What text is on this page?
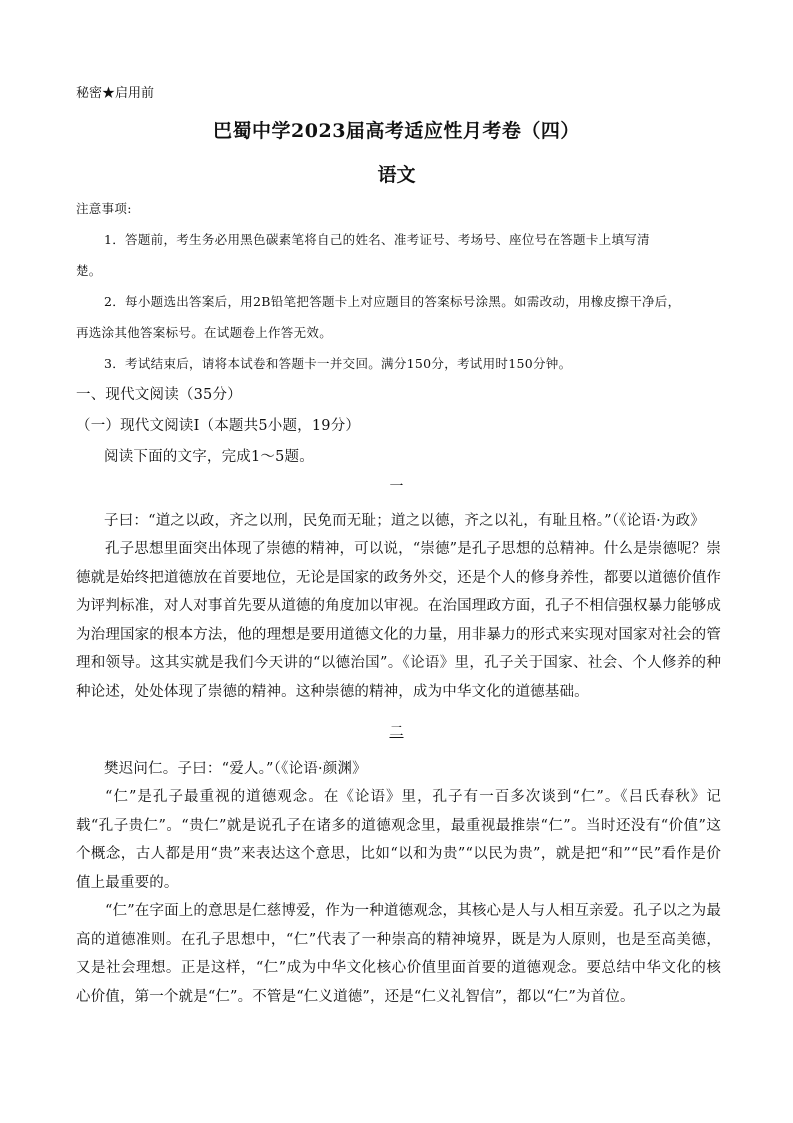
秘密★启用前
巴蜀中学2023届高考适应性月考卷（四）
语文
注意事项:
1．答题前，考生务必用黑色碳素笔将自己的姓名、准考证号、考场号、座位号在答题卡上填写清
楚。
2．每小题选出答案后，用2B铅笔把答题卡上对应题目的答案标号涂黑。如需改动，用橡皮擦干净后，
再选涂其他答案标号。在试题卷上作答无效。
3．考试结束后，请将本试卷和答题卡一并交回。满分150分，考试用时150分钟。
一、现代文阅读（35分）
（一）现代文阅读Ⅰ（本题共5小题，19分）
阅读下面的文字，完成1～5题。
一
子曰：“道之以政，齐之以刑，民免而无耻；道之以德，齐之以礼，有耻且格。”（《论语·为政》
孔子思想里面突出体现了崇德的精神，可以说，“崇德”是孔子思想的总精神。什么是崇德呢？崇德就是始终把道德放在首要地位，无论是国家的政务外交，还是个人的修身养性，都要以道德价值作为评判标准，对人对事首先要从道德的角度加以审视。在治国理政方面，孔子不相信强权暴力能够成为治理国家的根本方法，他的理想是要用道德文化的力量，用非暴力的形式来实现对国家对社会的管理和领导。这其实就是我们今天讲的“以德治国”。《论语》里，孔子关于国家、社会、个人修养的种种论述，处处体现了崇德的精神。这种崇德的精神，成为中华文化的道德基础。
二
樊迟问仁。子曰：“爱人。”（《论语·颜渊》
“仁”是孔子最重视的道德观念。在《论语》里，孔子有一百多次谈到“仁”。《吕氏春秋》记载“孔子贵仁”。“贵仁”就是说孔子在诸多的道德观念里，最重视最推崇“仁”。当时还没有“价值”这个概念，古人都是用“贵”来表达这个意思，比如“以和为贵”“以民为贵”，就是把“和”“民”看作是价值上最重要的。
“仁”在字面上的意思是仁慈博爱，作为一种道德观念，其核心是人与人相互亲爱。孔子以之为最高的道德准则。在孔子思想中，“仁”代表了一种崇高的精神境界，既是为人原则，也是至高美德，又是社会理想。正是这样，“仁”成为中华文化核心价值里面首要的道德观念。要总结中华文化的核心价值，第一个就是“仁”。不管是“仁义道德”，还是“仁义礼智信”，都以“仁”为首位。
